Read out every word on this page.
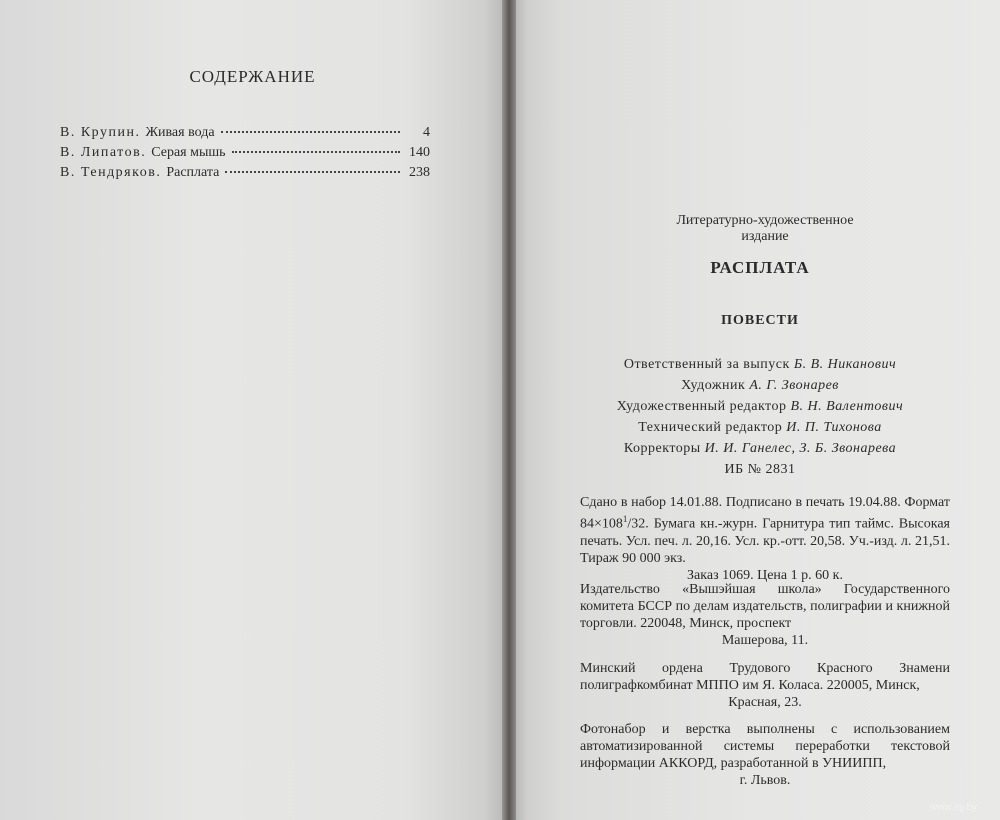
СОДЕРЖАНИЕ
В. Крупин. Живая вода	4
В. Липатов. Серая мышь	140
В. Тендряков. Расплата	238
Литературно-художественное
издание
РАСПЛАТА
ПОВЕСТИ
Ответственный за выпуск Б. В. Никанович
Художник А. Г. Звонарев
Художественный редактор В. Н. Валентович
Технический редактор И. П. Тихонова
Корректоры И. И. Ганелес, З. Б. Звонарева
ИБ № 2831
Сдано в набор 14.01.88. Подписано в печать 19.04.88. Формат $84\times 108^1/32$. Бумага кн.-журн. Гарнитура тип таймс. Высокая печать. Усл. печ. л. 20,16. Усл. кр.-отт. 20,58. Уч.-изд. л. 21,51. Тираж 90 000 экз.
Заказ 1069. Цена 1 р. 60 к.
Издательство «Вышэйшая школа» Государственного комитета БССР по делам издательств, полиграфии и книжной торговли. 220048, Минск, проспект
Машерова, 11.
Минский ордена Трудового Красного Знамени полиграфкомбинат МППО им Я. Коласа. 220005, Минск,
Красная, 23.
Фотонабор и верстка выполнены с использованием автоматизированной системы переработки текстовой информации АККОРД, разработанной в УНИИПП,
г. Львов.
www.ay.by
